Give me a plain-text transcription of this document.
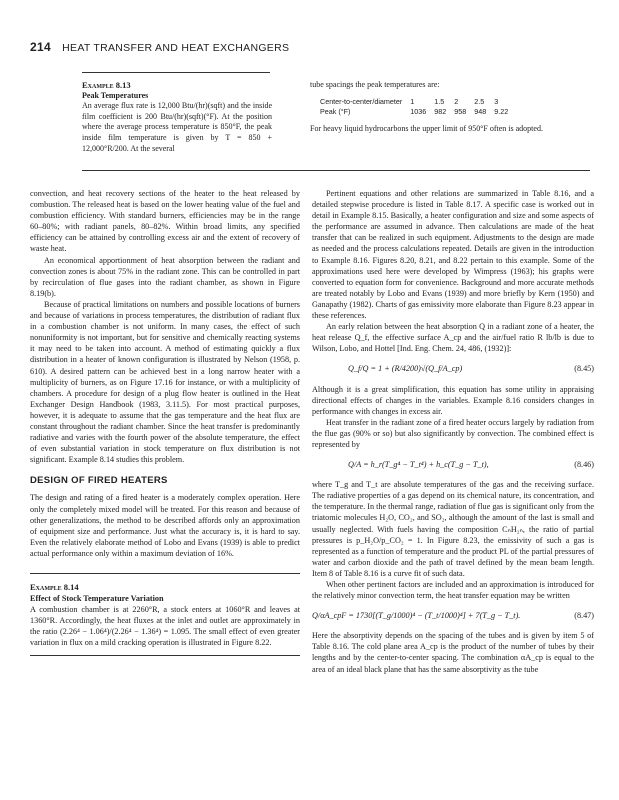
214 HEAT TRANSFER AND HEAT EXCHANGERS
Example 8.13
Peak Temperatures

An average flux rate is 12,000 Btu/(hr)(sqft) and the inside film coefficient is 200 Btu/(hr)(sqft)(°F). At the position where the average process temperature is 850°F, the peak inside film temperature is given by T = 850 + 12,000°R/200. At the several

tube spacings the peak temperatures are:

Center-to-center/diameter	1	1.5	2	2.5	3
Peak (°F)	1036	982	958	948	9.22

For heavy liquid hydrocarbons the upper limit of 950°F often is adopted.

convection, and heat recovery sections of the heater to the heat released by combustion. The released heat is based on the lower heating value of the fuel and combustion efficiency. With standard burners, efficiencies may be in the range 60–80%; with radiant panels, 80–82%. Within broad limits, any specified efficiency can be attained by controlling excess air and the extent of recovery of waste heat.

An economical apportionment of heat absorption between the radiant and convection zones is about 75% in the radiant zone. This can be controlled in part by recirculation of flue gases into the radiant chamber, as shown in Figure 8.19(b).

Because of practical limitations on numbers and possible locations of burners and because of variations in process temperatures, the distribution of radiant flux in a combustion chamber is not uniform. In many cases, the effect of such nonuniformity is not important, but for sensitive and chemically reacting systems it may need to be taken into account. A method of estimating quickly a flux distribution in a heater of known configuration is illustrated by Nelson (1958, p. 610). A desired pattern can be achieved best in a long narrow heater with a multiplicity of burners, as on Figure 17.16 for instance, or with a multiplicity of chambers. A procedure for design of a plug flow heater is outlined in the Heat Exchanger Design Handbook (1983, 3.11.5). For most practical purposes, however, it is adequate to assume that the gas temperature and the heat flux are constant throughout the radiant chamber. Since the heat transfer is predominantly radiative and varies with the fourth power of the absolute temperature, the effect of even substantial variation in stock temperature on flux distribution is not significant. Example 8.14 studies this problem.

DESIGN OF FIRED HEATERS

The design and rating of a fired heater is a moderately complex operation. Here only the completely mixed model will be treated. For this reason and because of other generalizations, the method to be described affords only an approximation of equipment size and performance. Just what the accuracy is, it is hard to say. Even the relatively elaborate method of Lobo and Evans (1939) is able to predict actual performance only within a maximum deviation of 16%.

Example 8.14
Effect of Stock Temperature Variation

A combustion chamber is at 2260°R, a stock enters at 1060°R and leaves at 1360°R. Accordingly, the heat fluxes at the inlet and outlet are approximately in the ratio (2.26⁴ − 1.06⁴)/(2.26⁴ − 1.36⁴) = 1.095. The small effect of even greater variation in flux on a mild cracking operation is illustrated in Figure 8.22.

Pertinent equations and other relations are summarized in Table 8.16, and a detailed stepwise procedure is listed in Table 8.17. A specific case is worked out in detail in Example 8.15. Basically, a heater configuration and size and some aspects of the performance are assumed in advance. Then calculations are made of the heat transfer that can be realized in such equipment. Adjustments to the design are made as needed and the process calculations repeated. Details are given in the introduction to Example 8.16. Figures 8.20, 8.21, and 8.22 pertain to this example. Some of the approximations used here were developed by Wimpress (1963); his graphs were converted to equation form for convenience. Background and more accurate methods are treated notably by Lobo and Evans (1939) and more briefly by Kern (1950) and Ganapathy (1982). Charts of gas emissivity more elaborate than Figure 8.23 appear in these references.

An early relation between the heat absorption Q in a radiant zone of a heater, the heat release Q_f, the effective surface A_cp and the air/fuel ratio R lb/lb is due to Wilson, Lobo, and Hottel [Ind. Eng. Chem. 24, 486, (1932)]:

Q_f/Q = 1 + (R/4200)√(Q_f/A_cp)	(8.45)

Although it is a great simplification, this equation has some utility in appraising directional effects of changes in the variables. Example 8.16 considers changes in performance with changes in excess air.

Heat transfer in the radiant zone of a fired heater occurs largely by radiation from the flue gas (90% or so) but also significantly by convection. The combined effect is represented by

Q/A = h_r(T_g⁴ − T_t⁴) + h_c(T_g − T_t),	(8.46)

where T_g and T_t are absolute temperatures of the gas and the receiving surface. The radiative properties of a gas depend on its chemical nature, its concentration, and the temperature. In the thermal range, radiation of flue gas is significant only from the triatomic molecules H₂O, CO₂, and SO₂, although the amount of the last is small and usually neglected. With fuels having the composition CₙH₂ₙ, the ratio of partial pressures is p_H₂O/p_CO₂ = 1. In Figure 8.23, the emissivity of such a gas is represented as a function of temperature and the product PL of the partial pressures of water and carbon dioxide and the path of travel defined by the mean beam length. Item 8 of Table 8.16 is a curve fit of such data.

When other pertinent factors are included and an approximation is introduced for the relatively minor convection term, the heat transfer equation may be written

Q/αA_cpF = 1730[(T_g/1000)⁴ − (T_t/1000)⁴] + 7(T_g − T_t).	(8.47)

Here the absorptivity depends on the spacing of the tubes and is given by item 5 of Table 8.16. The cold plane area A_cp is the product of the number of tubes by their lengths and by the center-to-center spacing. The combination αA_cp is equal to the area of an ideal black plane that has the same absorptivity as the tube
